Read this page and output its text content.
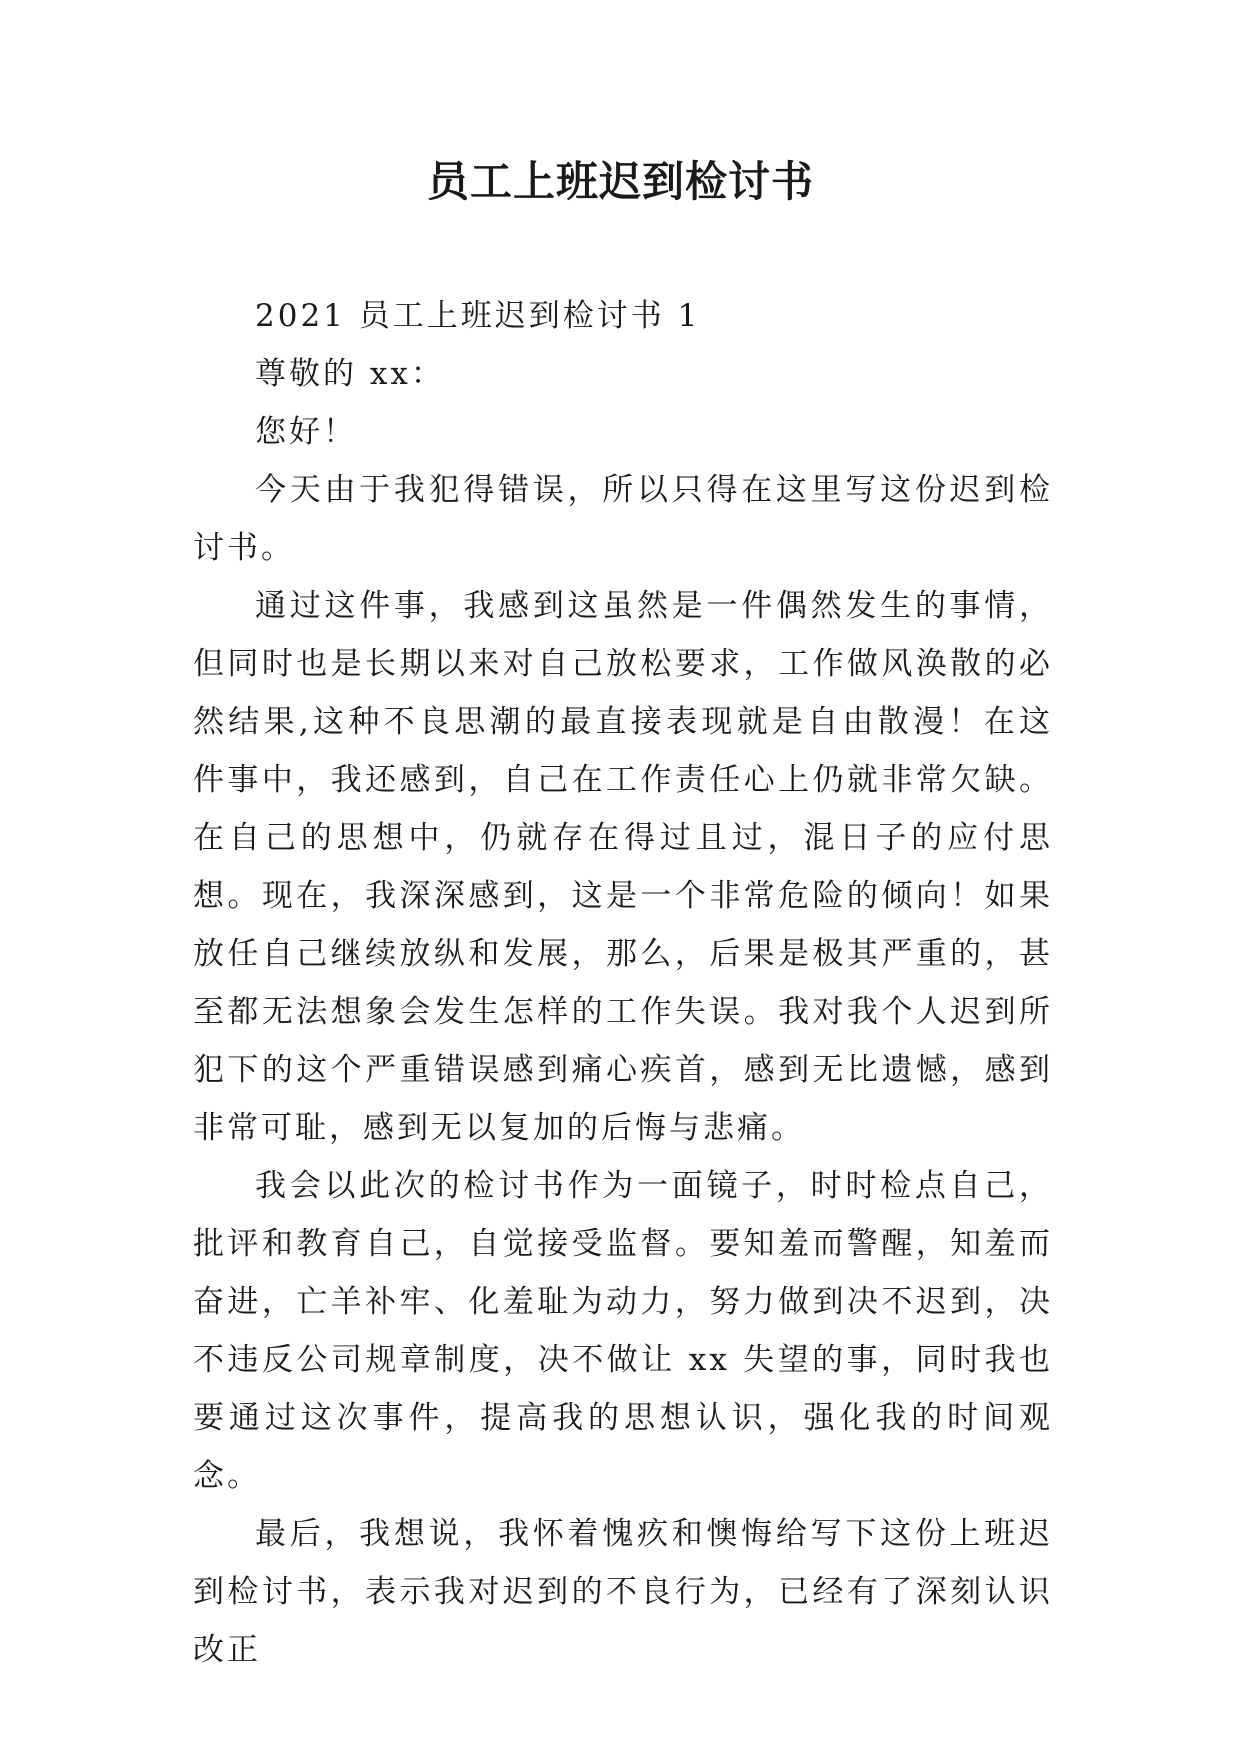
员工上班迟到检讨书

2021 员工上班迟到检讨书 1

尊敬的 xx：

您好！

今天由于我犯得错误，所以只得在这里写这份迟到检讨书。

通过这件事，我感到这虽然是一件偶然发生的事情，但同时也是长期以来对自己放松要求，工作做风涣散的必然结果,这种不良思潮的最直接表现就是自由散漫！在这件事中，我还感到，自己在工作责任心上仍就非常欠缺。在自己的思想中，仍就存在得过且过，混日子的应付思想。现在，我深深感到，这是一个非常危险的倾向！如果放任自己继续放纵和发展，那么，后果是极其严重的，甚至都无法想象会发生怎样的工作失误。我对我个人迟到所犯下的这个严重错误感到痛心疾首，感到无比遗憾，感到非常可耻，感到无以复加的后悔与悲痛。

我会以此次的检讨书作为一面镜子，时时检点自己，批评和教育自己，自觉接受监督。要知羞而警醒，知羞而奋进，亡羊补牢、化羞耻为动力，努力做到决不迟到，决不违反公司规章制度，决不做让 xx 失望的事，同时我也要通过这次事件，提高我的思想认识，强化我的时间观念。

最后，我想说，我怀着愧疚和懊悔给写下这份上班迟到检讨书，表示我对迟到的不良行为，已经有了深刻认识改正
